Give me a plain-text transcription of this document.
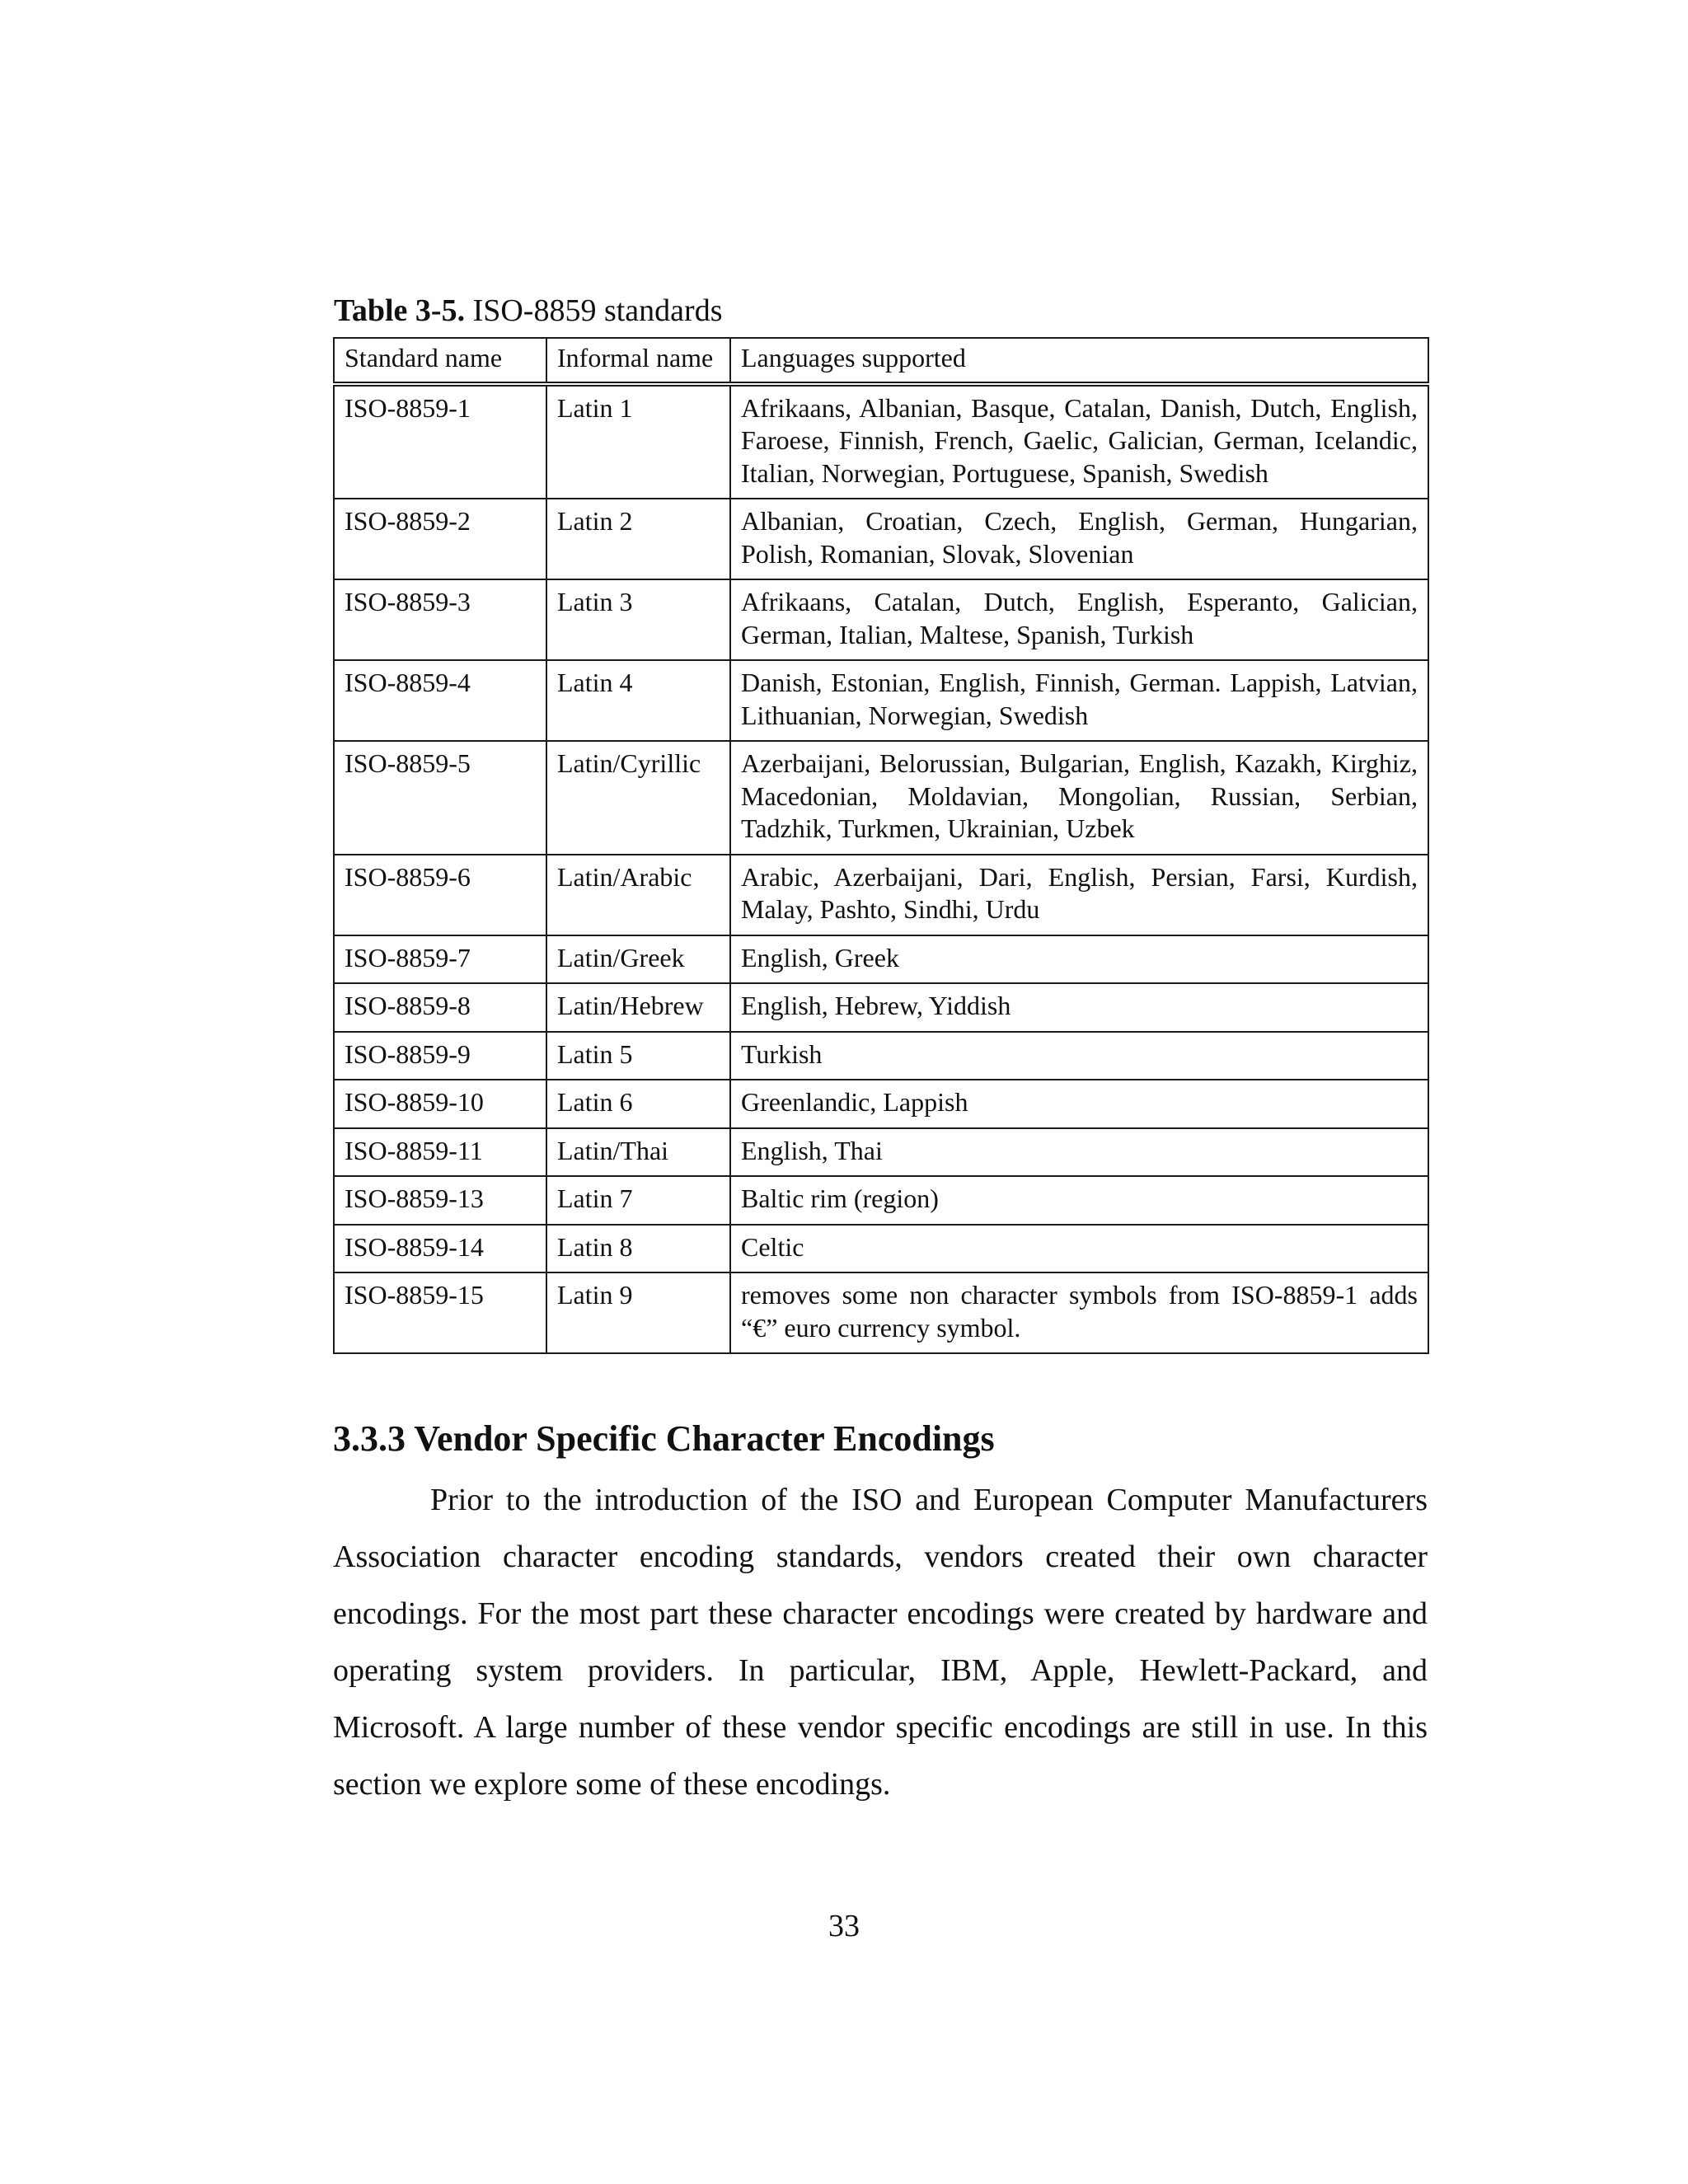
Table 3-5. ISO-8859 standards
Standard name	Informal name	Languages supported
ISO-8859-1	Latin 1	Afrikaans, Albanian, Basque, Catalan, Danish, Dutch, English, Faroese, Finnish, French, Gaelic, Galician, German, Icelandic, Italian, Norwegian, Portuguese, Spanish, Swedish
ISO-8859-2	Latin 2	Albanian, Croatian, Czech, English, German, Hungarian, Polish, Romanian, Slovak, Slovenian
ISO-8859-3	Latin 3	Afrikaans, Catalan, Dutch, English, Esperanto, Galician, German, Italian, Maltese, Spanish, Turkish
ISO-8859-4	Latin 4	Danish, Estonian, English, Finnish, German. Lappish, Latvian, Lithuanian, Norwegian, Swedish
ISO-8859-5	Latin/Cyrillic	Azerbaijani, Belorussian, Bulgarian, English, Kazakh, Kirghiz, Macedonian, Moldavian, Mongolian, Russian, Serbian, Tadzhik, Turkmen, Ukrainian, Uzbek
ISO-8859-6	Latin/Arabic	Arabic, Azerbaijani, Dari, English, Persian, Farsi, Kurdish, Malay, Pashto, Sindhi, Urdu
ISO-8859-7	Latin/Greek	English, Greek
ISO-8859-8	Latin/Hebrew	English, Hebrew, Yiddish
ISO-8859-9	Latin 5	Turkish
ISO-8859-10	Latin 6	Greenlandic, Lappish
ISO-8859-11	Latin/Thai	English, Thai
ISO-8859-13	Latin 7	Baltic rim (region)
ISO-8859-14	Latin 8	Celtic
ISO-8859-15	Latin 9	removes some non character symbols from ISO-8859-1 adds “€” euro currency symbol.
3.3.3 Vendor Specific Character Encodings

Prior to the introduction of the ISO and European Computer Manufacturers Association character encoding standards, vendors created their own character encodings. For the most part these character encodings were created by hardware and operating system providers. In particular, IBM, Apple, Hewlett-Packard, and Microsoft. A large number of these vendor specific encodings are still in use. In this section we explore some of these encodings.

33
